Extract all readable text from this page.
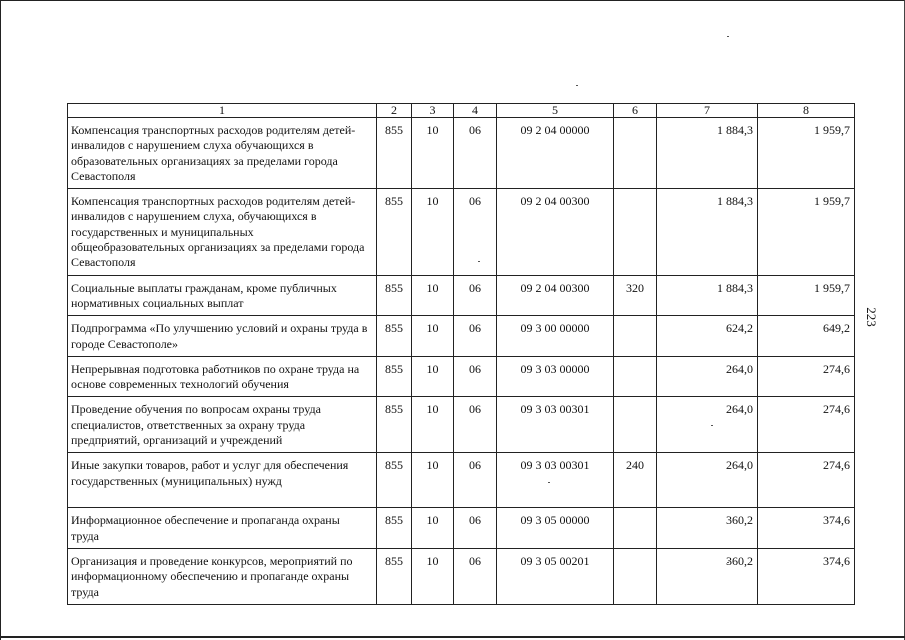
1	2	3	4	5	6	7	8
Компенсация транспортных расходов родителям детей-инвалидов с нарушением слуха обучающихся в образовательных организациях за пределами города Севастополя	855	10	06	09 2 04 00000		1 884,3	1 959,7
Компенсация транспортных расходов родителям детей-инвалидов с нарушением слуха, обучающихся в государственных и муниципальных общеобразовательных организациях за пределами города Севастополя	855	10	06	09 2 04 00300		1 884,3	1 959,7
Социальные выплаты гражданам, кроме публичных нормативных социальных выплат	855	10	06	09 2 04 00300	320	1 884,3	1 959,7
Подпрограмма «По улучшению условий и охраны труда в городе Севастополе»	855	10	06	09 3 00 00000		624,2	649,2
Непрерывная подготовка работников по охране труда на основе современных технологий обучения	855	10	06	09 3 03 00000		264,0	274,6
Проведение обучения по вопросам охраны труда специалистов, ответственных за охрану труда предприятий, организаций и учреждений	855	10	06	09 3 03 00301		264,0	274,6
Иные закупки товаров, работ и услуг для обеспечения государственных (муниципальных) нужд	855	10	06	09 3 03 00301	240	264,0	274,6
Информационное обеспечение и пропаганда охраны труда	855	10	06	09 3 05 00000		360,2	374,6
Организация и проведение конкурсов, мероприятий по информационному обеспечению и пропаганде охраны труда	855	10	06	09 3 05 00201		360,2	374,6
223
